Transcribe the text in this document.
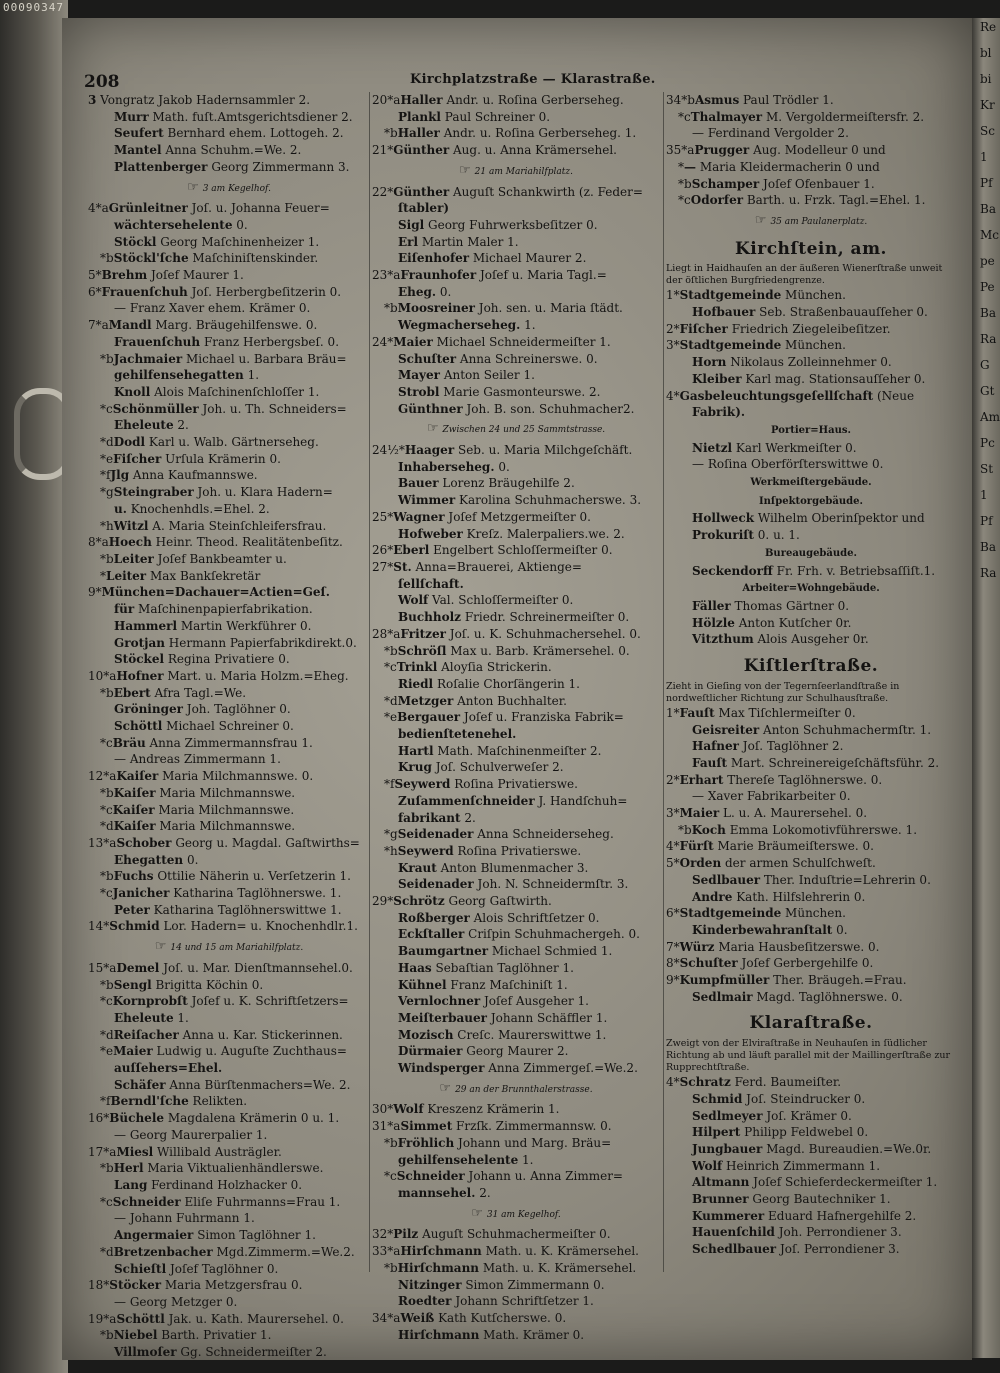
00090347
Re
bl
bi
Kr
Sc
1
Pf
Ba
Mc
pe
Pe
Ba
Ra
G
Gt
Am
Pc
St
1
Pf
Ba
Ra
208	Kirchplatzstraße — Klarastraße.
3 Vongratz Jakob Hadernsammler 2.
Murr Math. fuſt.Amtsgerichtsdiener 2.
Seufert Bernhard ehem. Lottogeh. 2.
Mantel Anna Schuhm.=We. 2.
Plattenberger Georg Zimmermann 3.
☞ 3 am Kegelhof.
4*aGrünleitner Joſ. u. Johanna Feuer=
wächtersehelente 0.
Stöckl Georg Maſchinenheizer 1.
*bStöckl'ſche Maſchiniſtenskinder.
5*Brehm Joſef Maurer 1.
6*Frauenſchuh Joſ. Herbergbeſitzerin 0.
— Franz Xaver ehem. Krämer 0.
7*aMandl Marg. Bräugehilfenswe. 0.
Frauenſchuh Franz Herbergsbeſ. 0.
*bJachmaier Michael u. Barbara Bräu=
gehilfensehegatten 1.
Knoll Alois Maſchinenſchloſſer 1.
*cSchönmüller Joh. u. Th. Schneiders=
Eheleute 2.
*dDodl Karl u. Walb. Gärtnerseheg.
*eFiſcher Urſula Krämerin 0.
*fJlg Anna Kaufmannswe.
*gSteingraber Joh. u. Klara Hadern=
u. Knochenhdls.=Ehel. 2.
*hWitzl A. Maria Steinſchleifersfrau.
8*aHoech Heinr. Theod. Realitätenbeſitz.
*bLeiter Joſef Bankbeamter u.
*Leiter Max Bankſekretär
9*München=Dachauer=Actien=Geſ.
für Maſchinenpapierfabrikation.
Hammerl Martin Werkführer 0.
Grotjan Hermann Papierfabrikdirekt.0.
Stöckel Regina Privatiere 0.
10*aHofner Mart. u. Maria Holzm.=Eheg.
*bEbert Afra Tagl.=We.
Gröninger Joh. Taglöhner 0.
Schöttl Michael Schreiner 0.
*cBräu Anna Zimmermannsfrau 1.
— Andreas Zimmermann 1.
12*aKaiſer Maria Milchmannswe. 0.
*bKaiſer Maria Milchmannswe.
*cKaiſer Maria Milchmannswe.
*dKaiſer Maria Milchmannswe.
13*aSchober Georg u. Magdal. Gaſtwirths=
Ehegatten 0.
*bFuchs Ottilie Näherin u. Verſetzerin 1.
*cJanicher Katharina Taglöhnerswe. 1.
Peter Katharina Taglöhnerswittwe 1.
14*Schmid Lor. Hadern= u. Knochenhdlr.1.
☞ 14 und 15 am Mariahilfplatz.
15*aDemel Joſ. u. Mar. Dienſtmannsehel.0.
*bSengl Brigitta Köchin 0.
*cKornprobſt Joſef u. K. Schriftſetzers=
Eheleute 1.
*dReiſacher Anna u. Kar. Stickerinnen.
*eMaier Ludwig u. Auguſte Zuchthaus=
auſſehers=Ehel.
Schäfer Anna Bürſtenmachers=We. 2.
*fBerndl'ſche Relikten.
16*Büchele Magdalena Krämerin 0 u. 1.
— Georg Maurerpalier 1.
17*aMiesl Willibald Austrägler.
*bHerl Maria Viktualienhändlerswe.
Lang Ferdinand Holzhacker 0.
*cSchneider Eliſe Fuhrmanns=Frau 1.
— Johann Fuhrmann 1.
Angermaier Simon Taglöhner 1.
*dBretzenbacher Mgd.Zimmerm.=We.2.
Schieſtl Joſef Taglöhner 0.
18*Stöcker Maria Metzgersfrau 0.
— Georg Metzger 0.
19*aSchöttl Jak. u. Kath. Maurersehel. 0.
*bNiebel Barth. Privatier 1.
Villmoſer Gg. Schneidermeiſter 2.
20*aHaller Andr. u. Roſina Gerberseheg.
Plankl Paul Schreiner 0.
*bHaller Andr. u. Roſina Gerberseheg. 1.
21*Günther Aug. u. Anna Krämersehel.
☞ 21 am Mariahilfplatz.
22*Günther Auguſt Schankwirth (z. Feder=
ſtabler)
Sigl Georg Fuhrwerksbeſitzer 0.
Erl Martin Maler 1.
Eiſenhofer Michael Maurer 2.
23*aFraunhofer Joſef u. Maria Tagl.=
Eheg. 0.
*bMoosreiner Joh. sen. u. Maria ſtädt.
Wegmacherseheg. 1.
24*Maier Michael Schneidermeiſter 1.
Schuſter Anna Schreinerswe. 0.
Mayer Anton Seiler 1.
Strobl Marie Gasmonteurswe. 2.
Günthner Joh. B. son. Schuhmacher2.
☞ Zwischen 24 und 25 Sammtstrasse.
24½*Haager Seb. u. Maria Milchgeſchäft.
Inhaberseheg. 0.
Bauer Lorenz Bräugehilfe 2.
Wimmer Karolina Schuhmacherswe. 3.
25*Wagner Joſef Metzgermeiſter 0.
Hofweber Kreſz. Malerpaliers.we. 2.
26*Eberl Engelbert Schloſſermeiſter 0.
27*St. Anna=Brauerei, Aktienge=
ſellſchaft.
Wolf Val. Schloſſermeiſter 0.
Buchholz Friedr. Schreinermeiſter 0.
28*aFritzer Joſ. u. K. Schuhmachersehel. 0.
*bSchröſl Max u. Barb. Krämersehel. 0.
*cTrinkl Aloyſia Strickerin.
Riedl Roſalie Chorſängerin 1.
*dMetzger Anton Buchhalter.
*eBergauer Joſef u. Franziska Fabrik=
bedienſtetenehel.
Hartl Math. Maſchinenmeiſter 2.
Krug Joſ. Schulverweſer 2.
*fSeywerd Roſina Privatierswe.
Zuſammenſchneider J. Handſchuh=
fabrikant 2.
*gSeidenader Anna Schneiderseheg.
*hSeywerd Roſina Privatierswe.
Kraut Anton Blumenmacher 3.
Seidenader Joh. N. Schneidermſtr. 3.
29*Schrötz Georg Gaſtwirth.
Roßberger Alois Schriftſetzer 0.
Eckſtaller Criſpin Schuhmachergeh. 0.
Baumgartner Michael Schmied 1.
Haas Sebaſtian Taglöhner 1.
Kühnel Franz Maſchiniſt 1.
Vernlochner Joſef Ausgeher 1.
Meiſterbauer Johann Schäffler 1.
Mozisch Creſc. Maurerswittwe 1.
Dürmaier Georg Maurer 2.
Windsperger Anna Zimmergeſ.=We.2.
☞ 29 an der Brunnthalerstrasse.
30*Wolf Kreszenz Krämerin 1.
31*aSimmet Frzſk. Zimmermannsw. 0.
*bFröhlich Johann und Marg. Bräu=
gehilfensehelente 1.
*cSchneider Johann u. Anna Zimmer=
mannsehel. 2.
☞ 31 am Kegelhof.
32*Pilz Auguſt Schuhmachermeiſter 0.
33*aHirſchmann Math. u. K. Krämersehel.
*bHirſchmann Math. u. K. Krämersehel.
Nitzinger Simon Zimmermann 0.
Roedter Johann Schriftſetzer 1.
34*aWeiß Kath Kutſcherswe. 0.
Hirſchmann Math. Krämer 0.
34*bAsmus Paul Trödler 1.
*cThalmayer M. Vergoldermeiſtersfr. 2.
— Ferdinand Vergolder 2.
35*aPrugger Aug. Modelleur 0 und
*— Maria Kleidermacherin 0 und
*bSchamper Joſef Ofenbauer 1.
*cOdorfer Barth. u. Frzk. Tagl.=Ehel. 1.
☞ 35 am Paulanerplatz.
Kirchſtein, am.
Liegt in Haidhauſen an der äußeren Wienerſtraße unweit der öſtlichen Burgfriedengrenze.
1*Stadtgemeinde München.
Hofbauer Seb. Straßenbauauſſeher 0.
2*Fiſcher Friedrich Ziegeleibeſitzer.
3*Stadtgemeinde München.
Horn Nikolaus Zolleinnehmer 0.
Kleiber Karl mag. Stationsauſſeher 0.
4*Gasbeleuchtungsgeſellſchaft (Neue
Fabrik).
Portier=Haus.
Nietzl Karl Werkmeiſter 0.
— Roſina Oberförſterswittwe 0.
Werkmeiſtergebäude.
Inſpektorgebäude.
Hollweck Wilhelm Oberinſpektor und
Prokuriſt 0. u. 1.
Bureaugebäude.
Seckendorff Fr. Frh. v. Betriebsaſſiſt.1.
Arbeiter=Wohngebäude.
Fäller Thomas Gärtner 0.
Hölzle Anton Kutſcher 0r.
Vitzthum Alois Ausgeher 0r.
Kiſtlerſtraße.
Zieht in Gieſing von der Tegernſeerlandſtraße in nordweſtlicher Richtung zur Schulhausſtraße.
1*Fauſt Max Tiſchlermeiſter 0.
Geisreiter Anton Schuhmachermſtr. 1.
Hafner Joſ. Taglöhner 2.
Fauſt Mart. Schreinereigeſchäftsführ. 2.
2*Erhart Thereſe Taglöhnerswe. 0.
— Xaver Fabrikarbeiter 0.
3*Maier L. u. A. Maurersehel. 0.
*bKoch Emma Lokomotivführerswe. 1.
4*Fürſt Marie Bräumeiſterswe. 0.
5*Orden der armen Schulſchweſt.
Sedlbauer Ther. Induſtrie=Lehrerin 0.
Andre Kath. Hilfslehrerin 0.
6*Stadtgemeinde München.
Kinderbewahranſtalt 0.
7*Würz Maria Hausbeſitzerswe. 0.
8*Schuſter Joſef Gerbergehilfe 0.
9*Kumpfmüller Ther. Bräugeh.=Frau.
Sedlmair Magd. Taglöhnerswe. 0.
Klaraſtraße.
Zweigt von der Elviraſtraße in Neuhauſen in ſüdlicher Richtung ab und läuft parallel mit der Maillingerſtraße zur Rupprechtſtraße.
4*Schratz Ferd. Baumeiſter.
Schmid Joſ. Steindrucker 0.
Sedlmeyer Joſ. Krämer 0.
Hilpert Philipp Feldwebel 0.
Jungbauer Magd. Bureaudien.=We.0r.
Wolf Heinrich Zimmermann 1.
Altmann Joſef Schieferdeckermeiſter 1.
Brunner Georg Bautechniker 1.
Kummerer Eduard Hafnergehilfe 2.
Hauenſchild Joh. Perrondiener 3.
Schedlbauer Joſ. Perrondiener 3.
